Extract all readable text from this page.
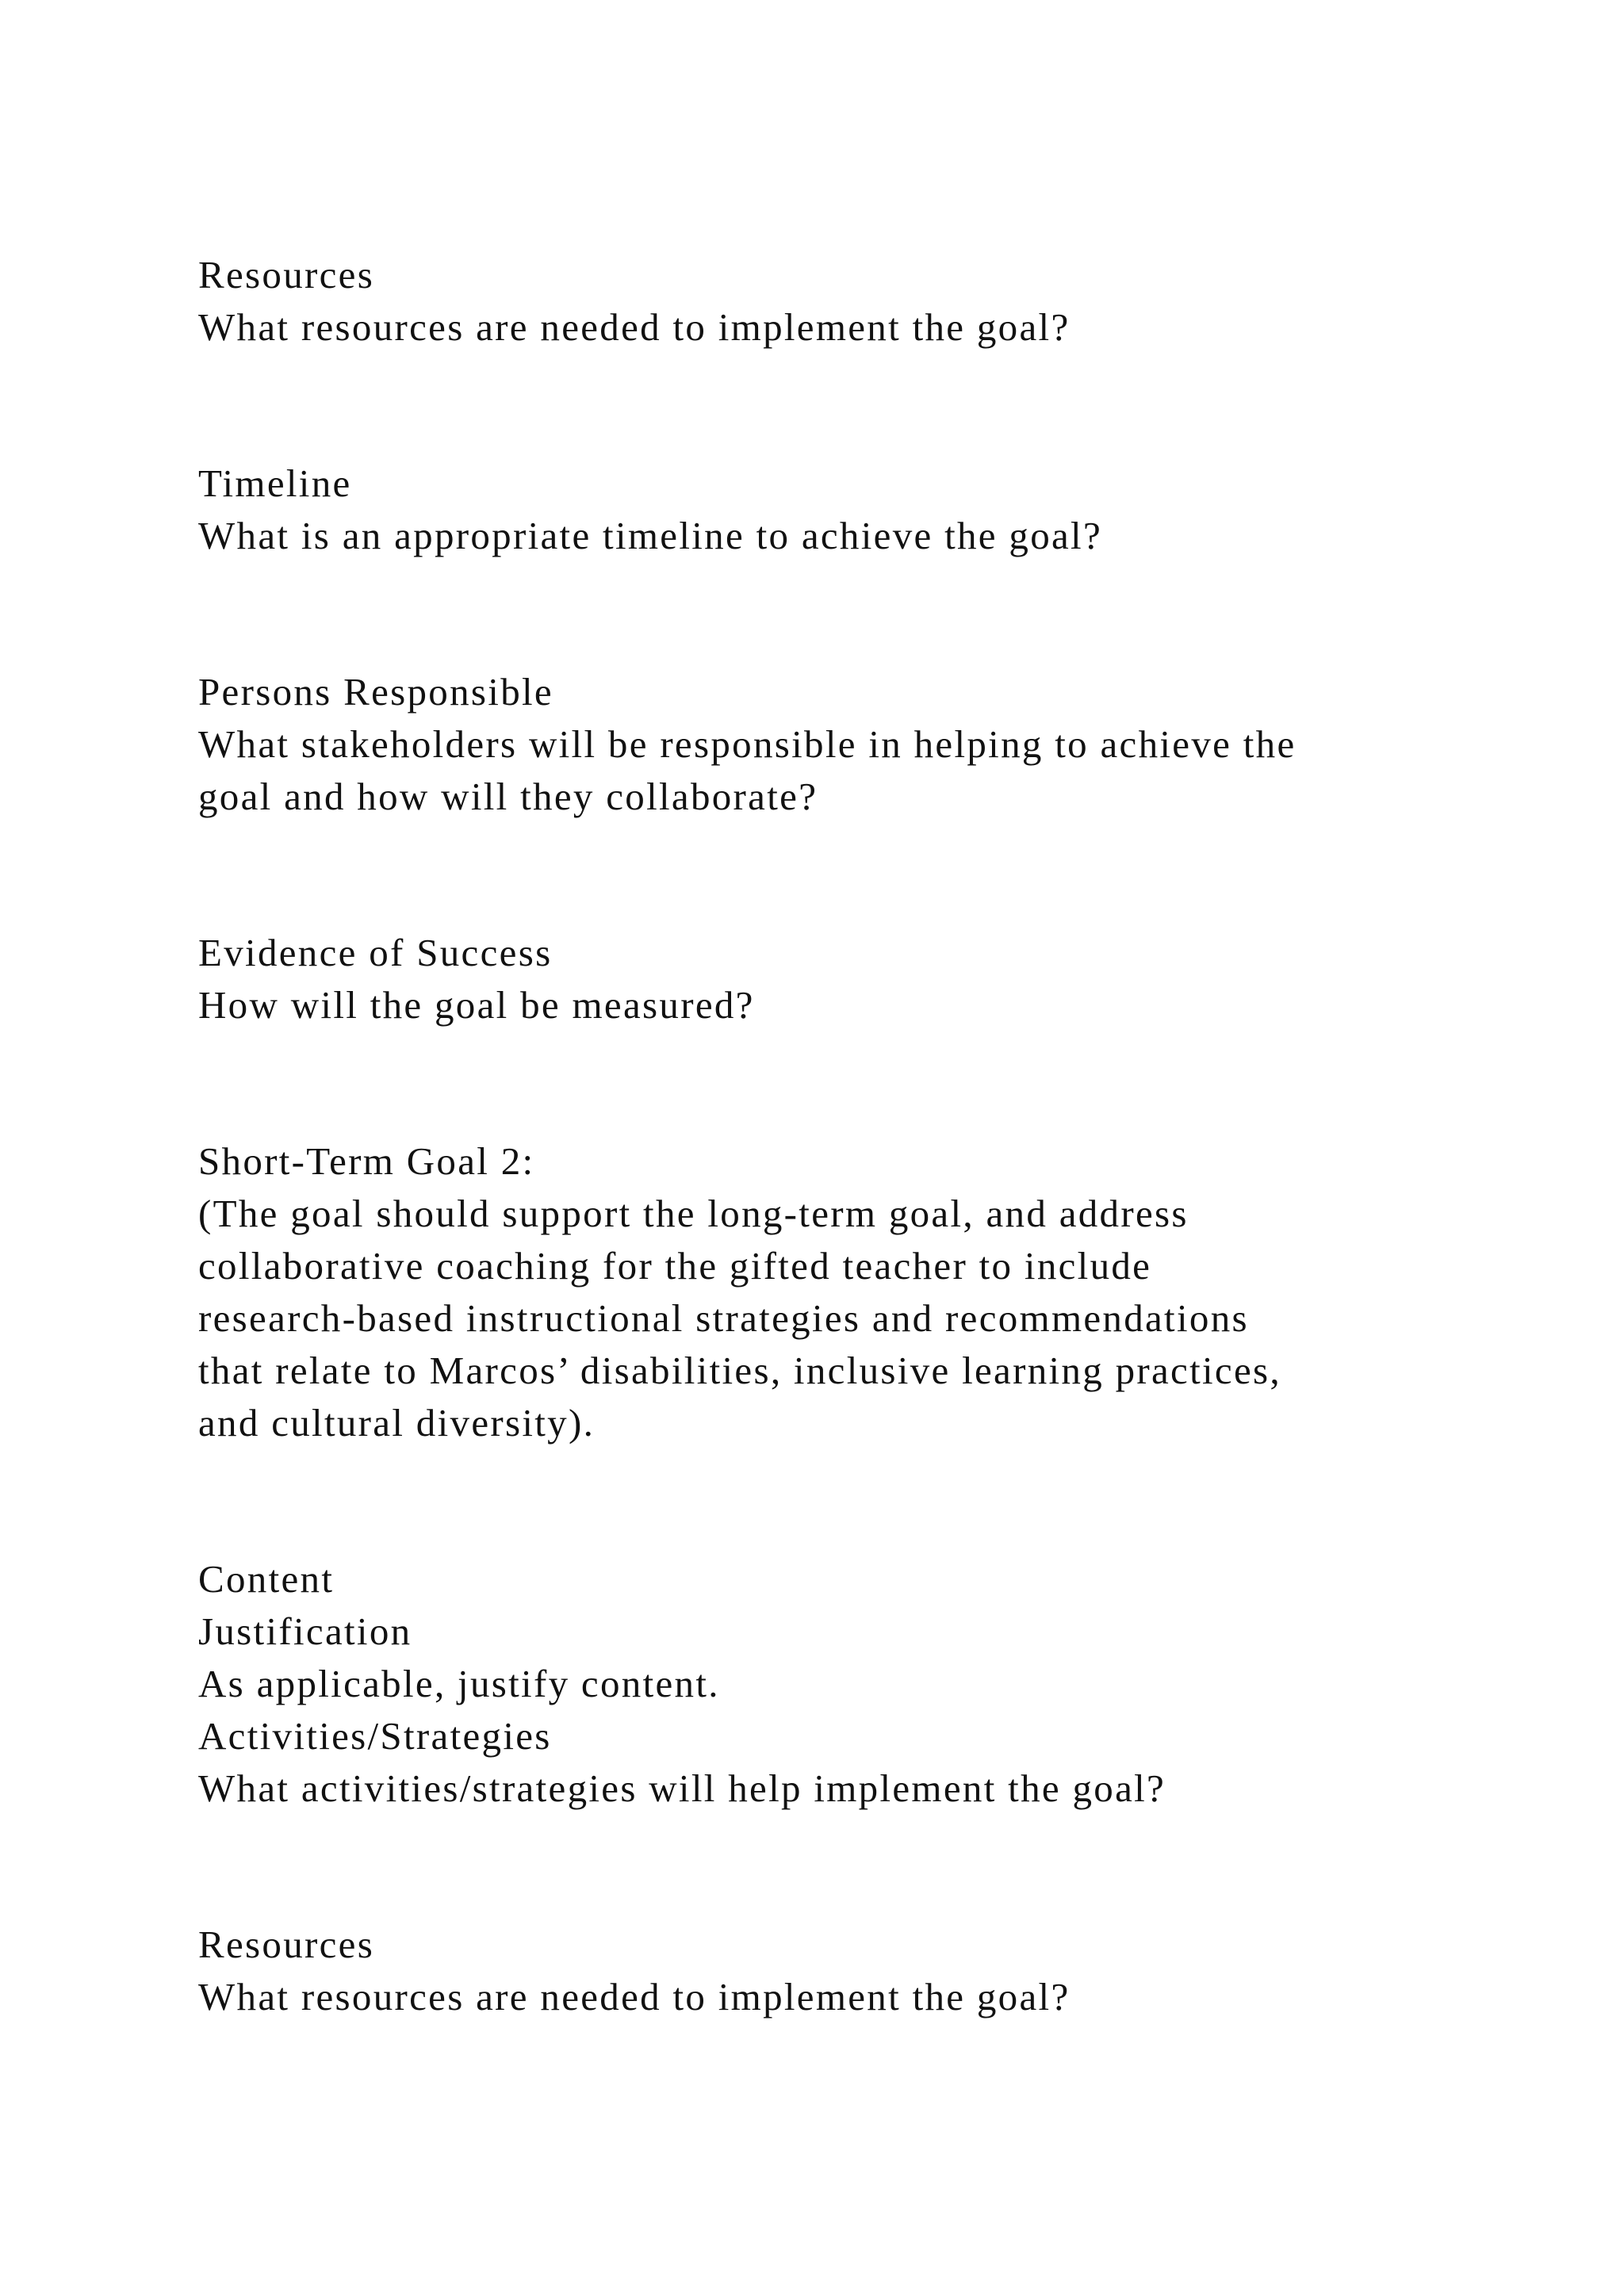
Resources

What resources are needed to implement the goal?

Timeline

What is an appropriate timeline to achieve the goal?

Persons Responsible

What stakeholders will be responsible in helping to achieve the

goal and how will they collaborate?

Evidence of Success

How will the goal be measured?

Short-Term Goal 2:

(The goal should support the long-term goal, and address

collaborative coaching for the gifted teacher to include

research-based instructional strategies and recommendations

that relate to Marcos’ disabilities, inclusive learning practices,

and cultural diversity).

Content

Justification

As applicable, justify content.

Activities/Strategies

What activities/strategies will help implement the goal?

Resources

What resources are needed to implement the goal?
